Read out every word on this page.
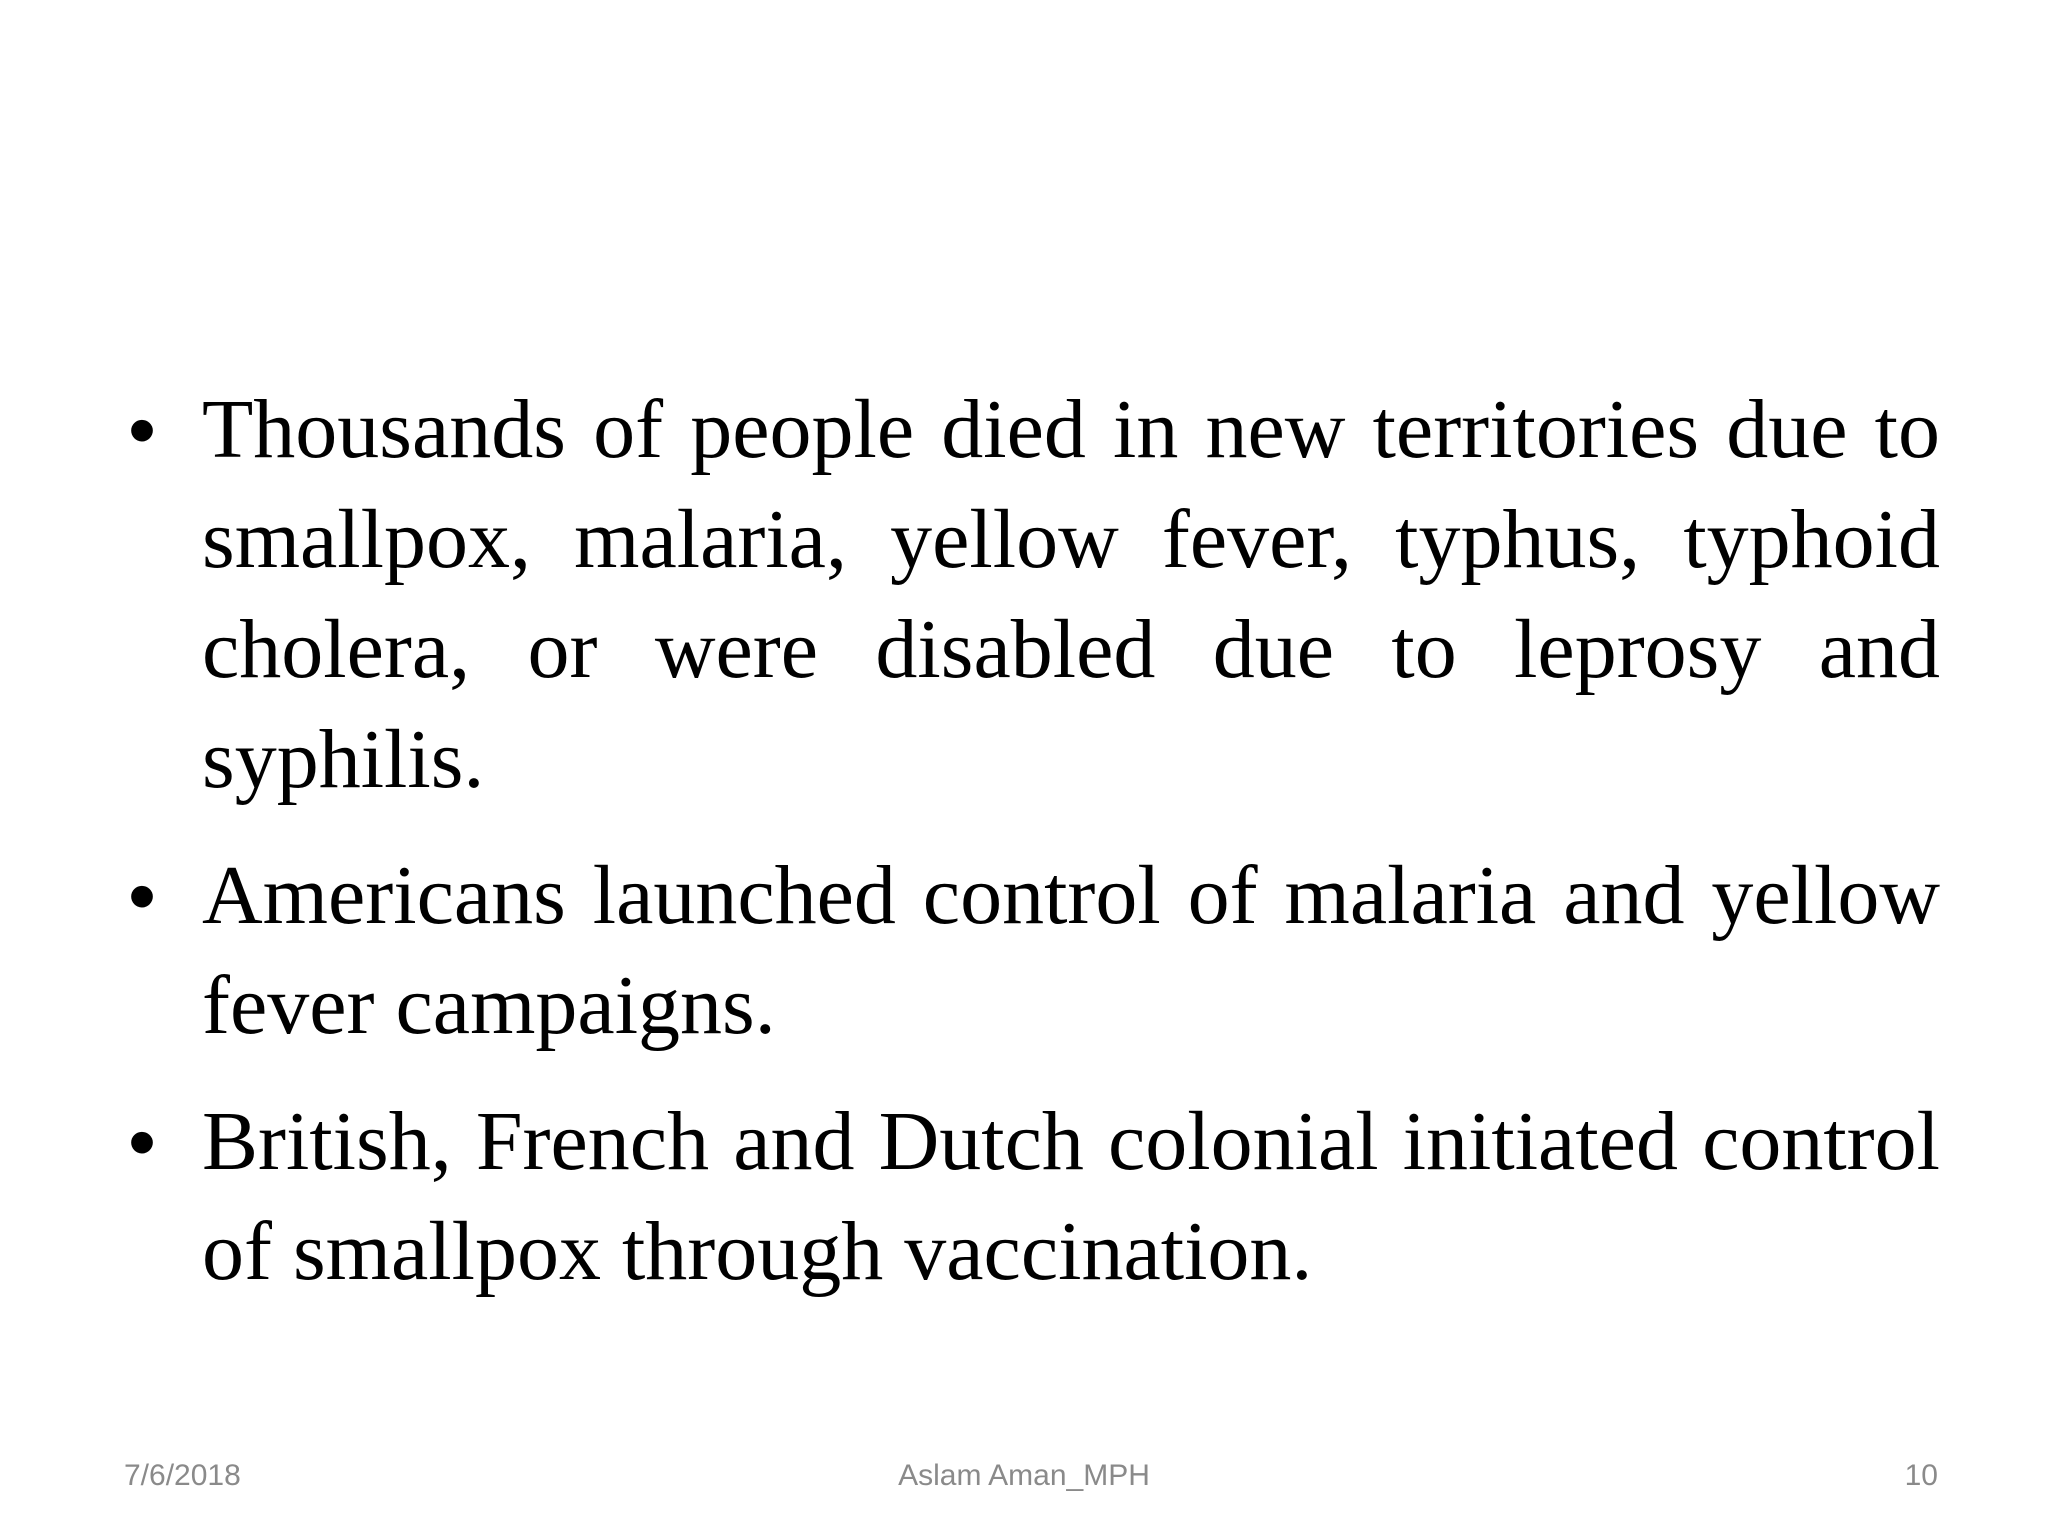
• Thousands of people died in new territories due to smallpox, malaria, yellow fever, typhus, typhoid cholera, or were disabled due to leprosy and syphilis.
• Americans launched control of malaria and yellow fever campaigns.
• British, French and Dutch colonial initiated control of smallpox through vaccination.
7/6/2018	Aslam Aman_MPH	10
